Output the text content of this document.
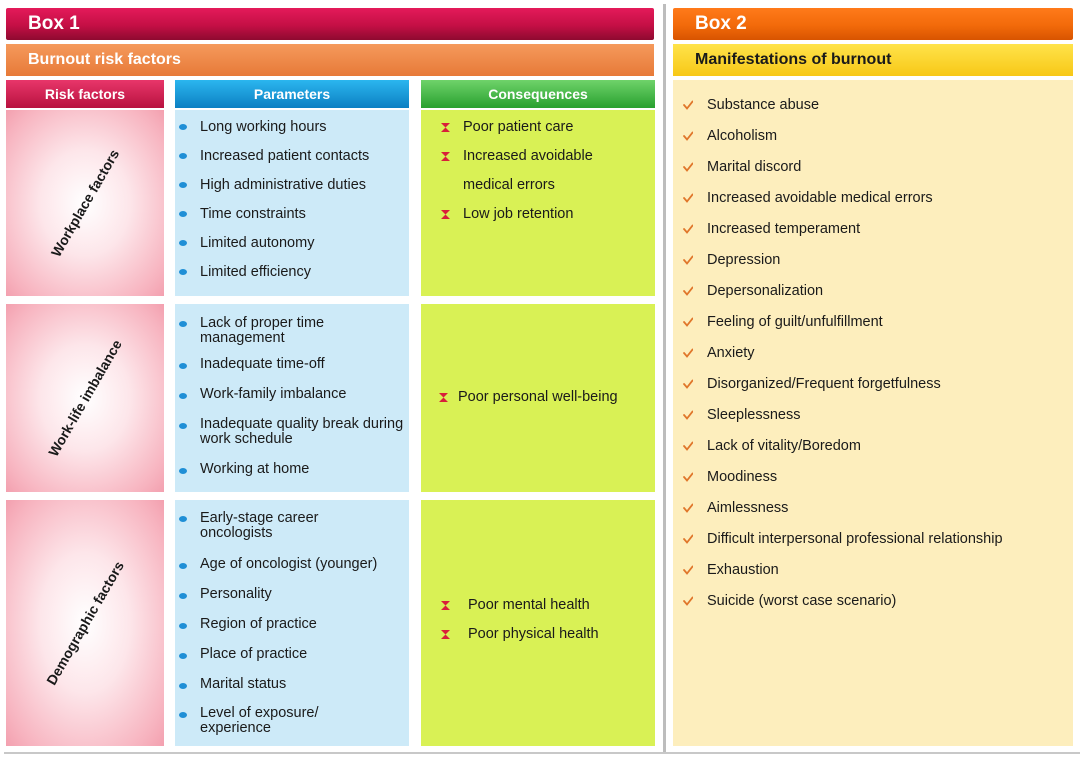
Box 1
Burnout risk factors
Risk factors	Parameters	Consequences
Workplace factors
Long working hours
Increased patient contacts
High administrative duties
Time constraints
Limited autonomy
Limited efficiency
Poor patient care
Increased avoidable medical errors
Low job retention
Work-life imbalance
Lack of proper time management
Inadequate time-off
Work-family imbalance
Inadequate quality break during work schedule
Working at home
Poor personal well-being
Demographic factors
Early-stage career oncologists
Age of oncologist (younger)
Personality
Region of practice
Place of practice
Marital status
Level of exposure/ experience
Poor mental health
Poor physical health
Box 2
Manifestations of burnout
Substance abuse
Alcoholism
Marital discord
Increased avoidable medical errors
Increased temperament
Depression
Depersonalization
Feeling of guilt/unfulfillment
Anxiety
Disorganized/Frequent forgetfulness
Sleeplessness
Lack of vitality/Boredom
Moodiness
Aimlessness
Difficult interpersonal professional relationship
Exhaustion
Suicide (worst case scenario)
